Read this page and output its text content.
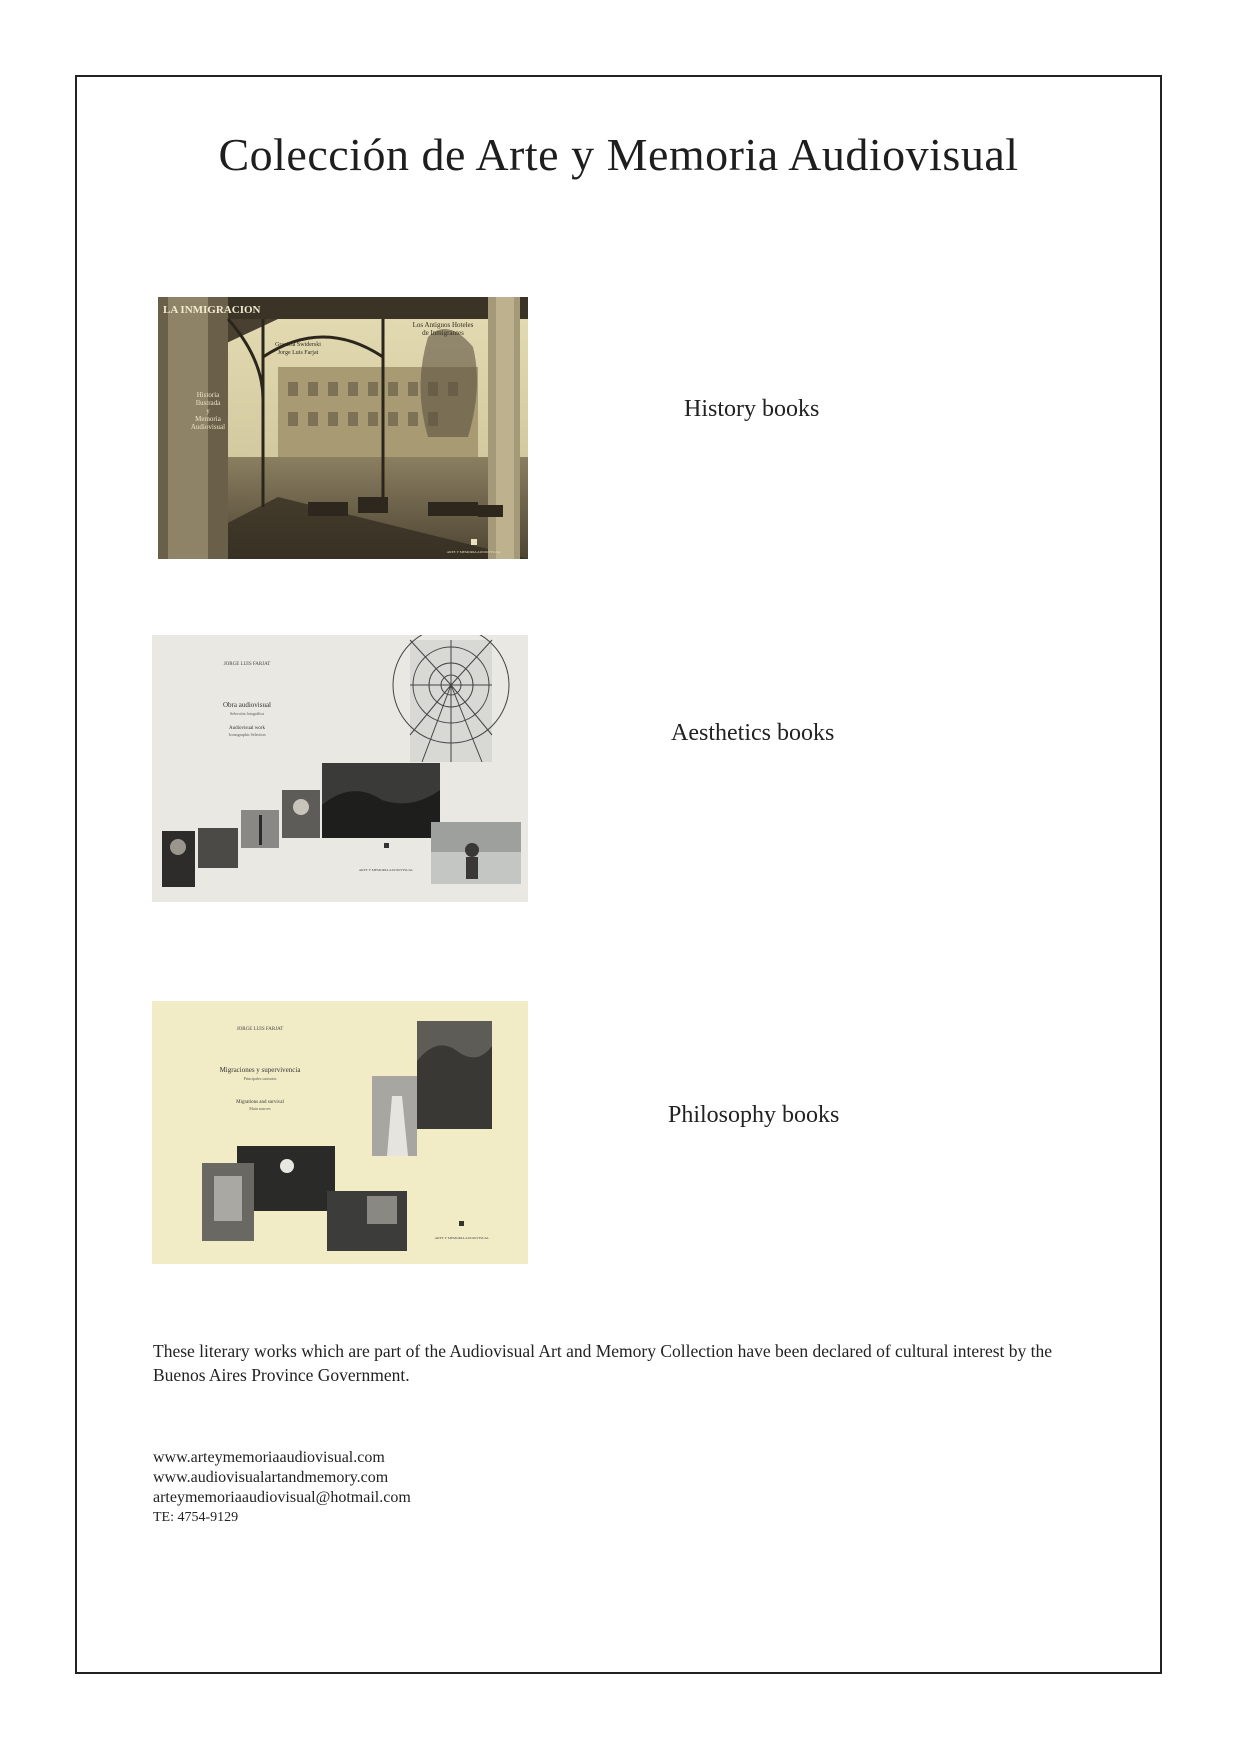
Colección de Arte y Memoria Audiovisual
LA INMIGRACION
Graciela Swiderski
Jorge Luis Farjat
Los Antiguos Hoteles
de Inmigrantes
Historia
Ilustrada
y
Memoria
Audiovisual
ARTE Y MEMORIA AUDIOVISUAL
History books
JORGE LUIS FARJAT
Obra audiovisual
Selección fotográfica
Audiovisual work
Iconographic Selection
ARTE Y MEMORIA AUDIOVISUAL
Aesthetics books
JORGE LUIS FARJAT
Migraciones y supervivencia
Principales sustratos
Migrations and survival
Main sources
ARTE Y MEMORIA AUDIOVISUAL
Philosophy books

These literary works which are part of the Audiovisual Art and Memory Collection have been declared of cultural interest by the Buenos Aires Province Government.

www.arteymemoriaaudiovisual.com
www.audiovisualartandmemory.com
arteymemoriaaudiovisual@hotmail.com
TE: 4754-9129
